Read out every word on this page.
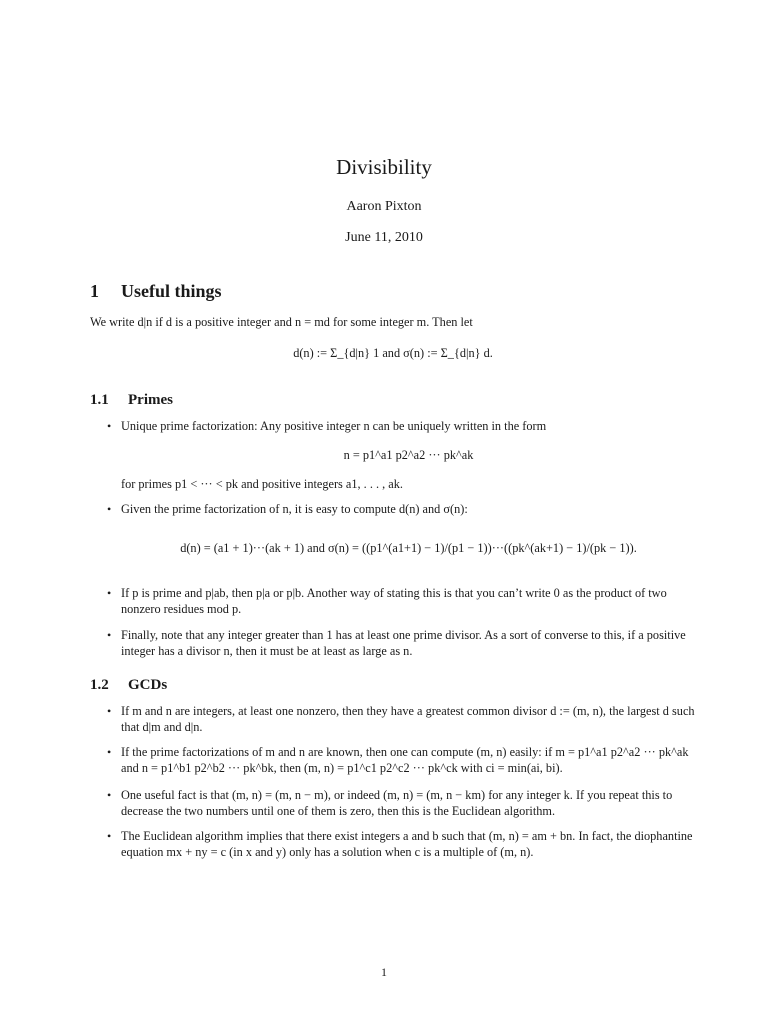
Divisibility
Aaron Pixton
June 11, 2010
1 Useful things
We write d|n if d is a positive integer and n = md for some integer m. Then let
d(n) := Σ_{d|n} 1 and σ(n) := Σ_{d|n} d.
1.1 Primes
• Unique prime factorization: Any positive integer n can be uniquely written in the form
n = p1^a1 p2^a2 ··· pk^ak
for primes p1 < ··· < pk and positive integers a1, . . . , ak.
• Given the prime factorization of n, it is easy to compute d(n) and σ(n):
d(n) = (a1 + 1)···(ak + 1) and σ(n) = ((p1^(a1+1) − 1)/(p1 − 1))···((pk^(ak+1) − 1)/(pk − 1)).
• If p is prime and p|ab, then p|a or p|b. Another way of stating this is that you can’t write 0 as the product of two nonzero residues mod p.
• Finally, note that any integer greater than 1 has at least one prime divisor. As a sort of converse to this, if a positive integer has a divisor n, then it must be at least as large as n.
1.2 GCDs
• If m and n are integers, at least one nonzero, then they have a greatest common divisor d := (m, n), the largest d such that d|m and d|n.
• If the prime factorizations of m and n are known, then one can compute (m, n) easily: if m = p1^a1 p2^a2 ··· pk^ak and n = p1^b1 p2^b2 ··· pk^bk, then (m, n) = p1^c1 p2^c2 ··· pk^ck with ci = min(ai, bi).
• One useful fact is that (m, n) = (m, n − m), or indeed (m, n) = (m, n − km) for any integer k. If you repeat this to decrease the two numbers until one of them is zero, then this is the Euclidean algorithm.
• The Euclidean algorithm implies that there exist integers a and b such that (m, n) = am + bn. In fact, the diophantine equation mx + ny = c (in x and y) only has a solution when c is a multiple of (m, n).
1
